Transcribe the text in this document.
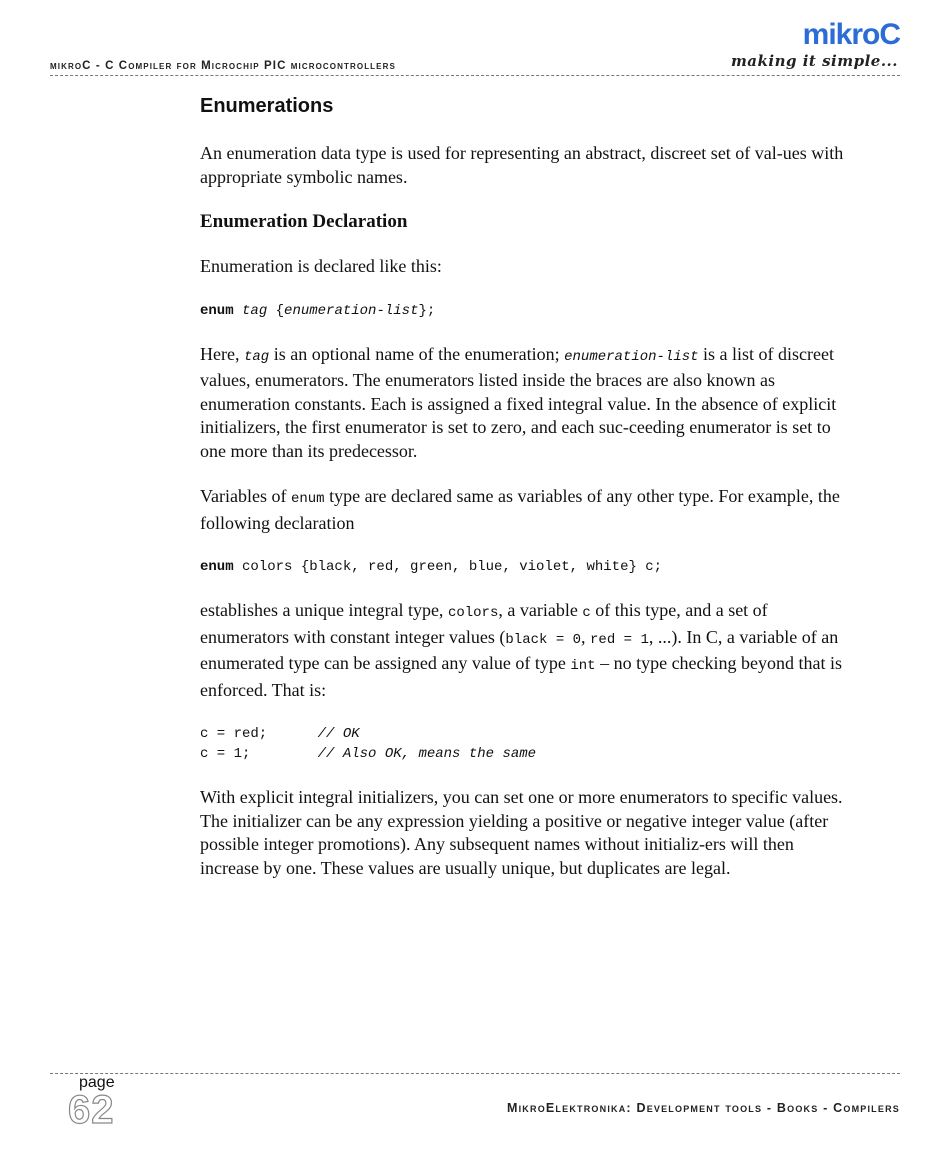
mikroC - C Compiler for Microchip PIC microcontrollers
mikroC
making it simple...
Enumerations

An enumeration data type is used for representing an abstract, discreet set of val-ues with appropriate symbolic names.

Enumeration Declaration

Enumeration is declared like this:

enum tag {enumeration-list};

Here, tag is an optional name of the enumeration; enumeration-list is a list of discreet values, enumerators. The enumerators listed inside the braces are also known as enumeration constants. Each is assigned a fixed integral value. In the absence of explicit initializers, the first enumerator is set to zero, and each suc-ceeding enumerator is set to one more than its predecessor.

Variables of enum type are declared same as variables of any other type. For example, the following declaration

enum colors {black, red, green, blue, violet, white} c;

establishes a unique integral type, colors, a variable c of this type, and a set of enumerators with constant integer values (black = 0, red = 1, ...). In C, a variable of an enumerated type can be assigned any value of type int – no type checking beyond that is enforced. That is:

c = red;      // OK
c = 1;        // Also OK, means the same

With explicit integral initializers, you can set one or more enumerators to specific values. The initializer can be any expression yielding a positive or negative integer value (after possible integer promotions). Any subsequent names without initializ-ers will then increase by one. These values are usually unique, but duplicates are legal.

page
62	MikroElektronika: Development tools - Books - Compilers
